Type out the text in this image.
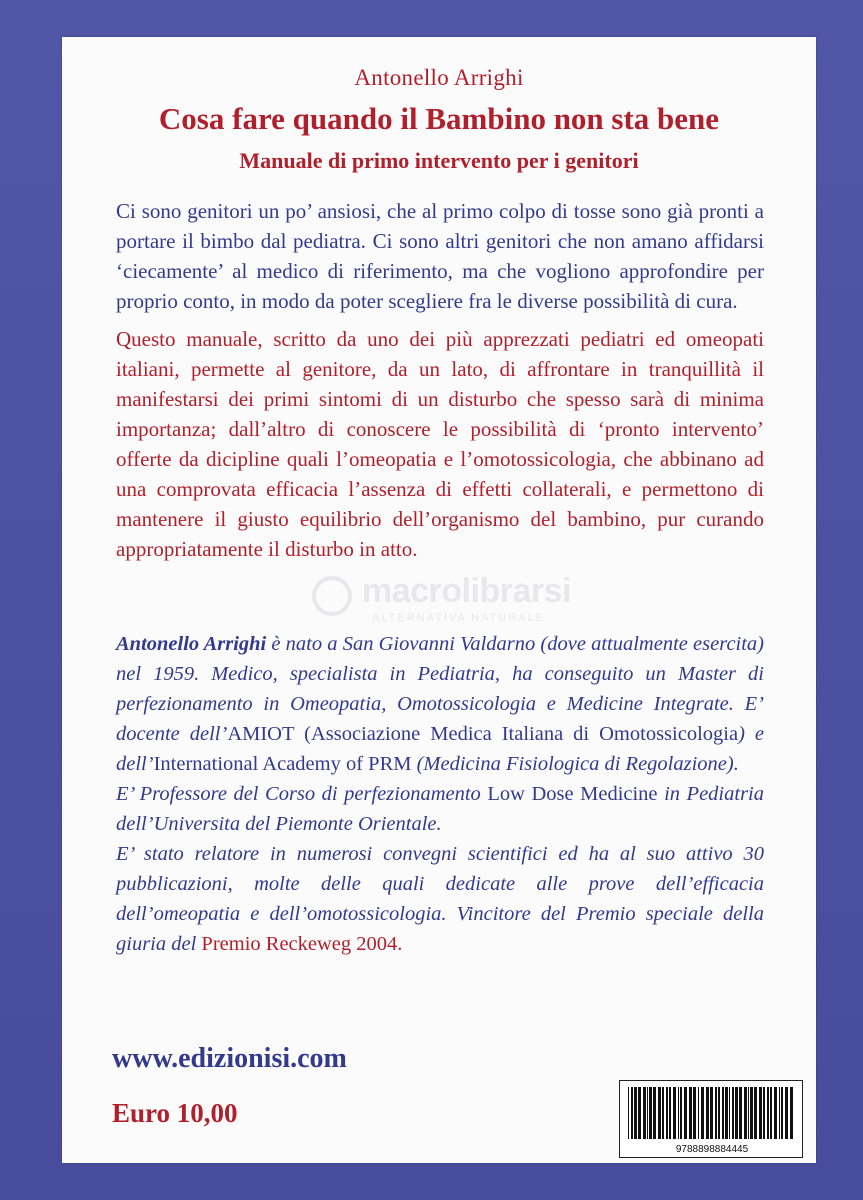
Antonello Arrighi
Cosa fare quando il Bambino non sta bene
Manuale di primo intervento per i genitori
Ci sono genitori un po’ ansiosi, che al primo colpo di tosse sono già pronti a portare il bimbo dal pediatra. Ci sono altri genitori che non amano affidarsi ‘ciecamente’ al medico di riferimento, ma che vogliono approfondire per proprio conto, in modo da poter scegliere fra le diverse possibilità di cura.
Questo manuale, scritto da uno dei più apprezzati pediatri ed omeopati italiani, permette al genitore, da un lato, di affrontare in tranquillità il manifestarsi dei primi sintomi di un disturbo che spesso sarà di minima importanza; dall’altro di conoscere le possibilità di ‘pronto intervento’ offerte da dicipline quali l’omeopatia e l’omotossicologia, che abbinano ad una comprovata efficacia l’assenza di effetti collaterali, e permettono di mantenere il giusto equilibrio dell’organismo del bambino, pur curando appropriatamente il disturbo in atto.
macrolibrarsi
ALTERNATIVA NATURALE

Antonello Arrighi è nato a San Giovanni Valdarno (dove attualmente esercita) nel 1959. Medico, specialista in Pediatria, ha conseguito un Master di perfezionamento in Omeopatia, Omotossicologia e Medicine Integrate. E’ docente dell’AMIOT (Associazione Medica Italiana di Omotossicologia) e dell’International Academy of PRM (Medicina Fisiologica di Regolazione).

E’ Professore del Corso di perfezionamento Low Dose Medicine in Pediatria dell’Universita del Piemonte Orientale.

E’ stato relatore in numerosi convegni scientifici ed ha al suo attivo 30 pubblicazioni, molte delle quali dedicate alle prove dell’efficacia dell’omeopatia e dell’omotossicologia. Vincitore del Premio speciale della giuria del Premio Reckeweg 2004.

www.edizionisi.com
Euro 10,00
9788898884445
